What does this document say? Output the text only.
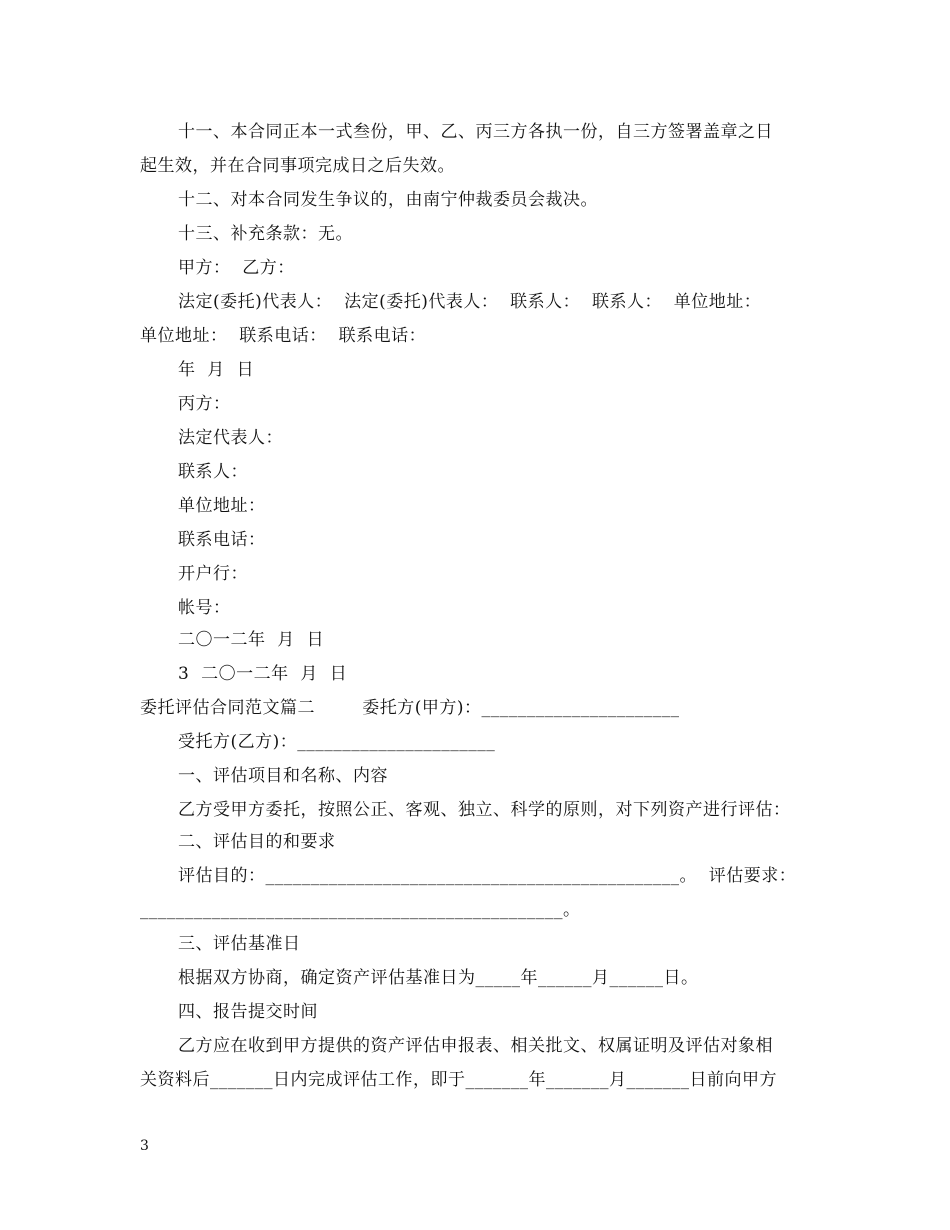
十一、本合同正本一式叁份，甲、乙、丙三方各执一份，自三方签署盖章之日
起生效，并在合同事项完成日之后失效。
十二、对本合同发生争议的，由南宁仲裁委员会裁决。
十三、补充条款：无。
甲方：  乙方：
法定(委托)代表人：  法定(委托)代表人：  联系人：  联系人：  单位地址：
单位地址：  联系电话：  联系电话：
年  月  日
丙方：
法定代表人：
联系人：
单位地址：
联系电话：
开户行：
帐号：
二〇一二年  月  日
3  二〇一二年  月  日
委托评估合同范文篇二        委托方(甲方)：______________________
受托方(乙方)：______________________
一、评估项目和名称、内容
乙方受甲方委托，按照公正、客观、独立、科学的原则，对下列资产进行评估：
二、评估目的和要求
评估目的：______________________________________________。  评估要求：
_______________________________________________。
三、评估基准日
根据双方协商，确定资产评估基准日为_____年______月______日。
四、报告提交时间
乙方应在收到甲方提供的资产评估申报表、相关批文、权属证明及评估对象相
关资料后_______日内完成评估工作，即于_______年_______月_______日前向甲方
3
